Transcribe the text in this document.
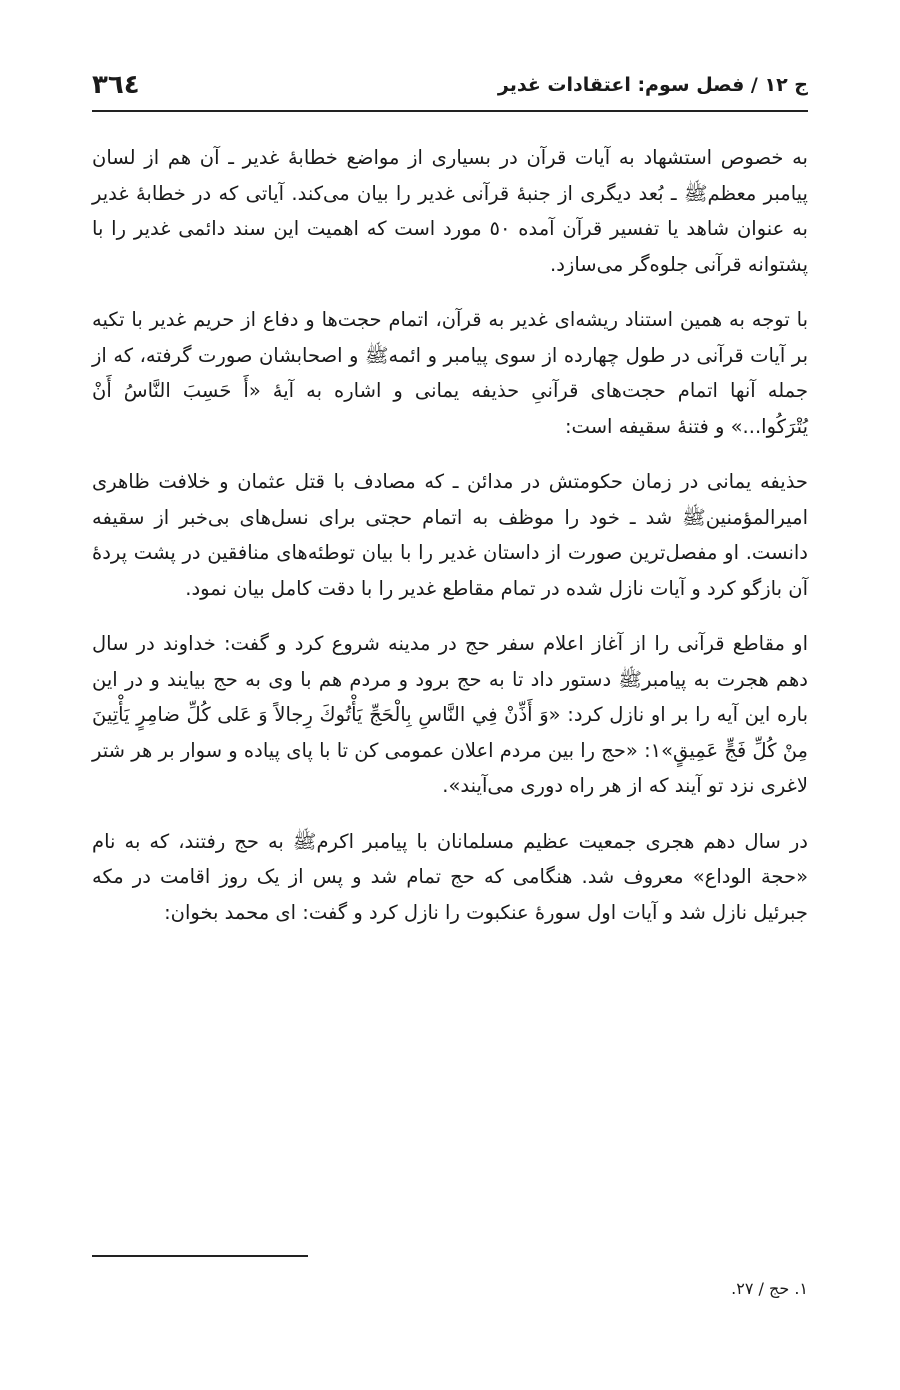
ج ١٢ / فصل سوم: اعتقادات غدير
٣٦٤

به خصوص استشهاد به آيات قرآن در بسيارى از مواضع خطابۀ غدير ـ آن هم از لسان پيامبر معظمﷺ ـ بُعد ديگرى از جنبۀ قرآنى غدير را بيان مى‌كند. آياتى كه در خطابۀ غدير به عنوان شاهد يا تفسير قرآن آمده ٥٠ مورد است كه اهميت اين سند دائمى غدير را با پشتوانه قرآنى جلوه‌گر مى‌سازد.

با توجه به همين استناد ريشه‌اى غدير به قرآن، اتمام حجت‌ها و دفاع از حريم غدير با تكيه بر آيات قرآنى در طول چهارده از سوى پيامبر و ائمهﷺ و اصحابشان صورت گرفته، كه از جمله آنها اتمام حجت‌هاى قرآنىِ حذيفه يمانى و اشاره به آيۀ «أَ حَسِبَ النَّاسُ أَنْ يُتْرَكُوا...» و فتنۀ سقيفه است:

حذيفه يمانى در زمان حكومتش در مدائن ـ كه مصادف با قتل عثمان و خلافت ظاهرى اميرالمؤمنينﷺ شد ـ خود را موظف به اتمام حجتى براى نسل‌هاى بى‌خبر از سقيفه دانست. او مفصل‌ترين صورت از داستان غدير را با بيان توطئه‌هاى منافقين در پشت پردۀ آن بازگو كرد و آيات نازل شده در تمام مقاطع غدير را با دقت كامل بيان نمود.

او مقاطع قرآنى را از آغاز اعلام سفر حج در مدينه شروع كرد و گفت: خداوند در سال دهم هجرت به پيامبرﷺ دستور داد تا به حج برود و مردم هم با وى به حج بيايند و در اين باره اين آيه را بر او نازل كرد: «وَ أَذِّنْ فِي النَّاسِ بِالْحَجِّ يَأْتُوكَ رِجالاً وَ عَلى كُلِّ ضامِرٍ يَأْتِينَ مِنْ كُلِّ فَجٍّ عَمِيقٍ»١: «حج را بين مردم اعلان عمومى كن تا با پاى پياده و سوار بر هر شتر لاغرى نزد تو آيند كه از هر راه دورى مى‌آيند».

در سال دهم هجرى جمعيت عظيم مسلمانان با پيامبر اكرمﷺ به حج رفتند، كه به نام «حجة الوداع» معروف شد. هنگامى كه حج تمام شد و پس از يک روز اقامت در مكه جبرئيل نازل شد و آيات اول سورۀ عنكبوت را نازل كرد و گفت: اى محمد بخوان:

١. حج / ٢٧.
